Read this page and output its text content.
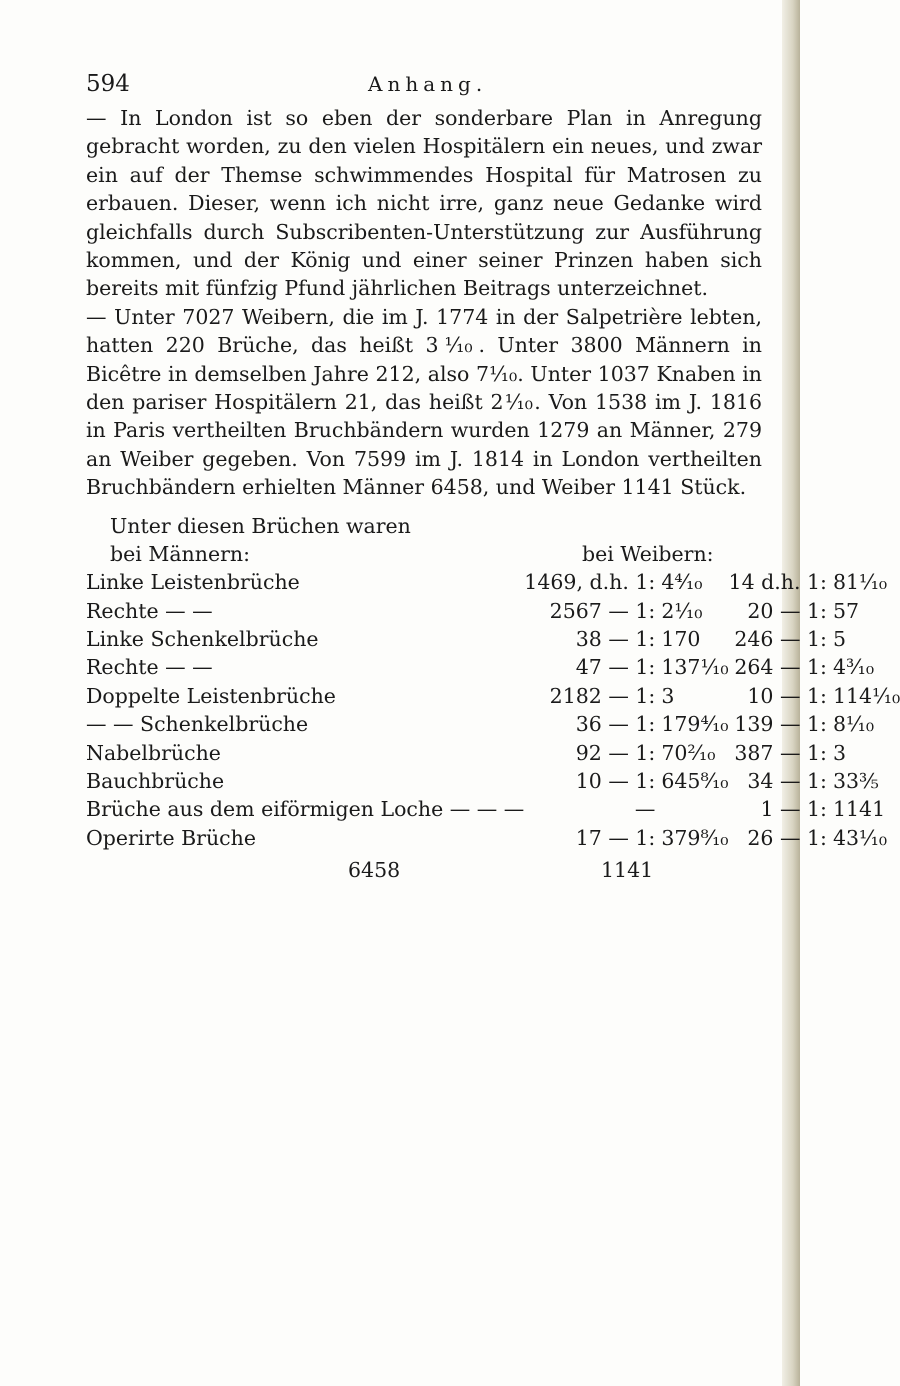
594	Anhang.

— In London ist so eben der sonderbare Plan in Anregung gebracht worden, zu den vielen Hospitälern ein neues, und zwar ein auf der Themse schwimmendes Hospital für Matrosen zu erbauen. Dieser, wenn ich nicht irre, ganz neue Gedanke wird gleichfalls durch Subscribenten-Unterstützung zur Ausführung kommen, und der König und einer seiner Prinzen haben sich bereits mit fünfzig Pfund jährlichen Beitrags unterzeichnet.

— Unter 7027 Weibern, die im J. 1774 in der Salpetrière lebten, hatten 220 Brüche, das heißt 3⅒. Unter 3800 Männern in Bicêtre in demselben Jahre 212, also 7⅒. Unter 1037 Knaben in den pariser Hospitälern 21, das heißt 2⅒. Von 1538 im J. 1816 in Paris vertheilten Bruchbändern wurden 1279 an Männer, 279 an Weiber gegeben. Von 7599 im J. 1814 in London vertheilten Bruchbändern erhielten Männer 6458, und Weiber 1141 Stück.

Unter diesen Brüchen waren
bei Männern:	bei Weibern:
Linke Leistenbrüche	1469, d.h. 1:	4⁴⁄₁₀	14 d.h. 1:	81⅟₁₀
Rechte — —	2567 — 1:	2⅒	20 — 1:	57
Linke Schenkelbrüche	38 — 1:	170	246 — 1:	5
Rechte — —	47 — 1:	137⅒	264 — 1:	4³⁄₁₀
Doppelte Leistenbrüche	2182 — 1:	3	10 — 1:	114⅒
— — Schenkelbrüche	36 — 1:	179⁴⁄₁₀	139 — 1:	8⅒
Nabelbrüche	92 — 1:	70²⁄₁₀	387 — 1:	3
Bauchbrüche	10 — 1:	645⁸⁄₁₀	34 — 1:	33⅗
Brüche aus dem eiförmigen Loche — — —	—		1 — 1:	1141
Operirte Brüche	17 — 1:	379⁸⁄₁₀	26 — 1:	43⅒
6458	1141
